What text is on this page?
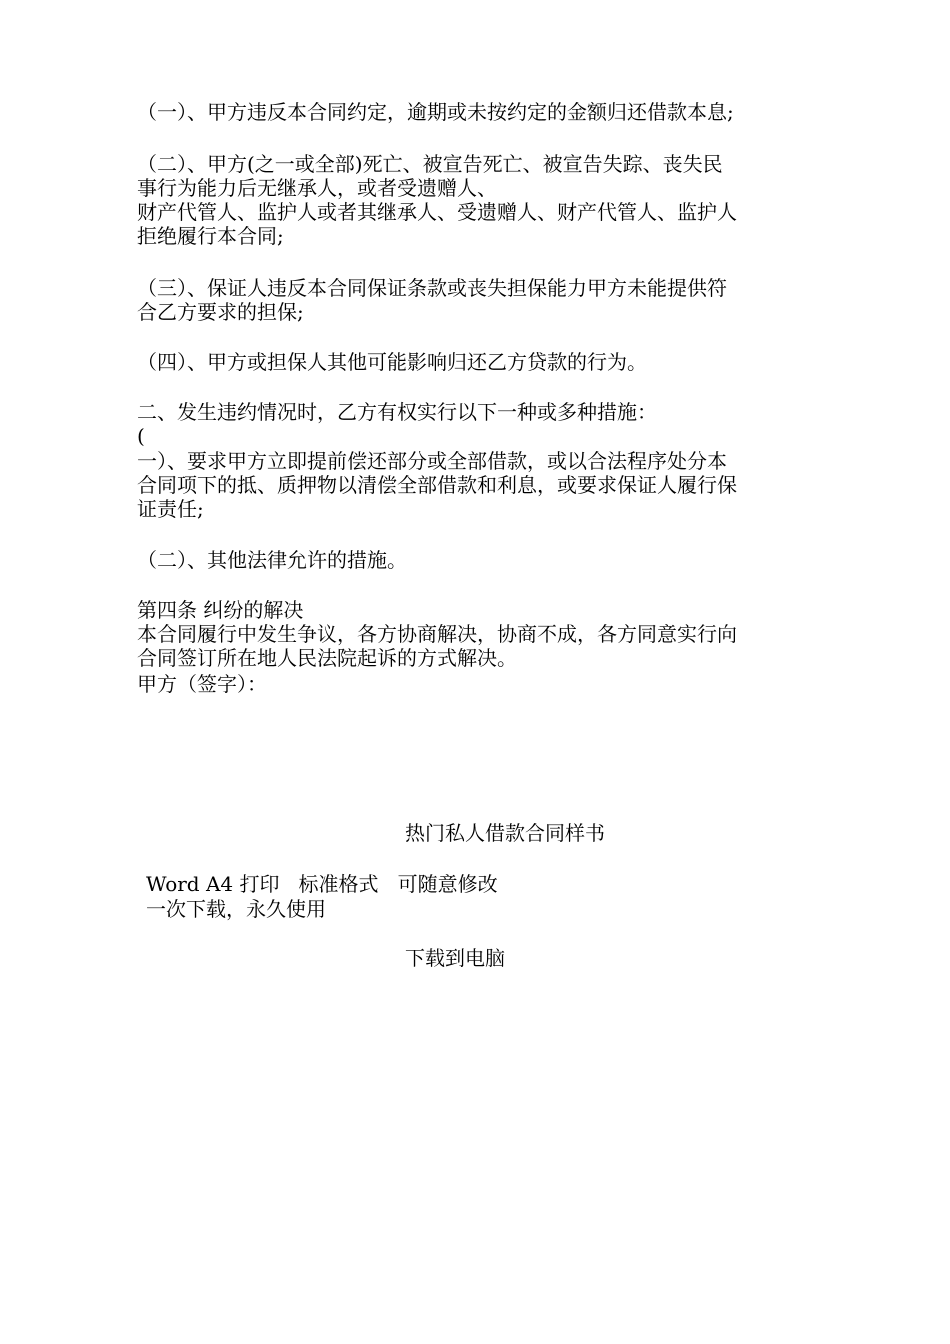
（一）、甲方违反本合同约定，逾期或未按约定的金额归还借款本息;
（二）、甲方(之一或全部)死亡、被宣告死亡、被宣告失踪、丧失民
事行为能力后无继承人，或者受遗赠人、
财产代管人、监护人或者其继承人、受遗赠人、财产代管人、监护人
拒绝履行本合同;
（三）、保证人违反本合同保证条款或丧失担保能力甲方未能提供符
合乙方要求的担保;
（四）、甲方或担保人其他可能影响归还乙方贷款的行为。
二、发生违约情况时，乙方有权实行以下一种或多种措施：
(
一）、要求甲方立即提前偿还部分或全部借款，或以合法程序处分本
合同项下的抵、质押物以清偿全部借款和利息，或要求保证人履行保
证责任;
（二）、其他法律允许的措施。
第四条 纠纷的解决
本合同履行中发生争议，各方协商解决，协商不成，各方同意实行向
合同签订所在地人民法院起诉的方式解决。
甲方（签字）：
热门私人借款合同样书
Word A4 打印   标准格式   可随意修改
一次下载，永久使用
下载到电脑
